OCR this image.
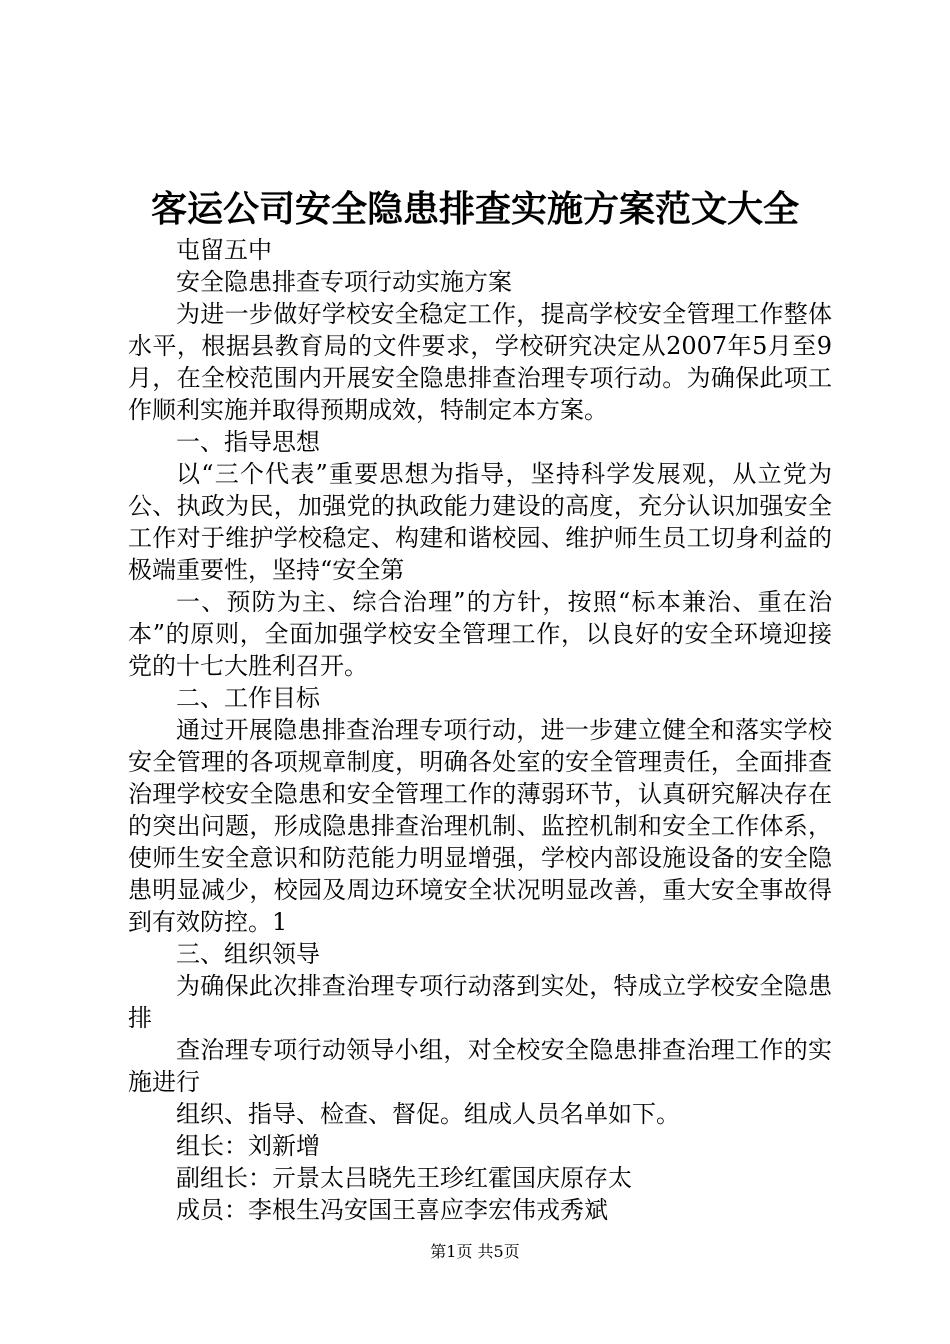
客运公司安全隐患排查实施方案范文大全

屯留五中

安全隐患排查专项行动实施方案

为进一步做好学校安全稳定工作，提高学校安全管理工作整体水平，根据县教育局的文件要求，学校研究决定从2007年5月至9月，在全校范围内开展安全隐患排查治理专项行动。为确保此项工作顺利实施并取得预期成效，特制定本方案。

一、指导思想

以“三个代表”重要思想为指导，坚持科学发展观，从立党为公、执政为民，加强党的执政能力建设的高度，充分认识加强安全工作对于维护学校稳定、构建和谐校园、维护师生员工切身利益的极端重要性，坚持“安全第

一、预防为主、综合治理”的方针，按照“标本兼治、重在治本”的原则，全面加强学校安全管理工作，以良好的安全环境迎接党的十七大胜利召开。

二、工作目标

通过开展隐患排查治理专项行动，进一步建立健全和落实学校安全管理的各项规章制度，明确各处室的安全管理责任，全面排查治理学校安全隐患和安全管理工作的薄弱环节，认真研究解决存在的突出问题，形成隐患排查治理机制、监控机制和安全工作体系，使师生安全意识和防范能力明显增强，学校内部设施设备的安全隐患明显减少，校园及周边环境安全状况明显改善，重大安全事故得到有效防控。1

三、组织领导

为确保此次排查治理专项行动落到实处，特成立学校安全隐患排

查治理专项行动领导小组，对全校安全隐患排查治理工作的实施进行

组织、指导、检查、督促。组成人员名单如下。

组长：刘新增

副组长：亓景太吕晓先王珍红霍国庆原存太

成员：李根生冯安国王喜应李宏伟戎秀斌

第1页 共5页
